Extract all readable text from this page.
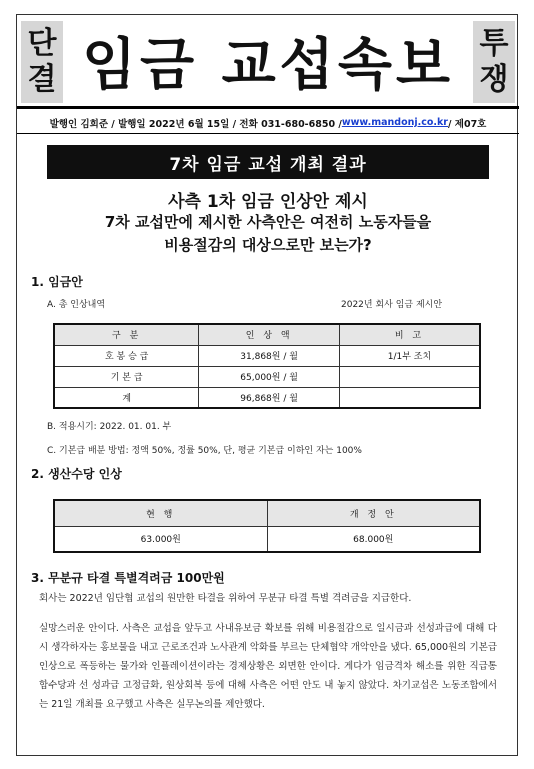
단
결 임금 교섭속보 투
쟁
발행인 김희준 / 발행일 2022년 6월 15일 / 전화 031-680-6850 / www.mandonj.co.kr / 제07호
7차 임금 교섭 개최 결과
사측 1차 임금 인상안 제시
7차 교섭만에 제시한 사측안은 여전히 노동자들을
비용절감의 대상으로만 보는가?
1. 임금안
A. 총 인상내역	2022년 회사 임금 제시안
구 분	인 상 액	비 고
호 봉 승 급	31,868원 / 월	1/1부 조치
기 본 급	65,000원 / 월	
계	96,868원 / 월	
B. 적용시기: 2022. 01. 01. 부
C. 기본급 배분 방법: 정액 50%, 정률 50%, 단, 평균 기본급 이하인 자는 100%
2. 생산수당 인상
현 행	개 정 안
63.000원	68.000원
3. 무분규 타결 특별격려금 100만원
회사는 2022년 임단협 교섭의 원만한 타결을 위하여 무분규 타결 특별 격려금을 지급한다.
실망스러운 안이다. 사측은 교섭을 앞두고 사내유보금 확보를 위해 비용절감으로 일시금과 선성과급에 대해 다시 생각하자는 홍보물을 내고 근로조건과 노사관계 악화를 부르는 단체협약 개악안을 냈다. 65,000원의 기본급 인상으로 폭등하는 물가와 인플레이션이라는 경제상황은 외면한 안이다. 게다가 임금격차 해소를 위한 직급통합수당과 선 성과급 고정급화, 원상회복 등에 대해 사측은 어떤 안도 내 놓지 않았다. 차기교섭은 노동조합에서는 21일 개최를 요구했고 사측은 실무논의를 제안했다.
